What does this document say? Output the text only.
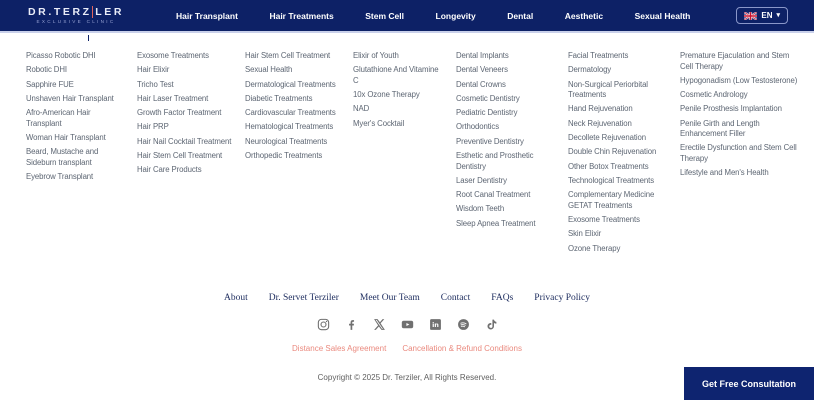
DR.TERZ LER
EXCLUSIVE CLINIC
Hair Transplant	Hair Treatments	Stem Cell	Longevity	Dental	Aesthetic	Sexual Health	EN ▾
Picasso Robotic DHI
Robotic DHI
Sapphire FUE
Unshaven Hair Transplant
Afro-American Hair Transplant
Woman Hair Transplant
Beard, Mustache and Sideburn transplant
Eyebrow Transplant
Exosome Treatments
Hair Elixir
Tricho Test
Hair Laser Treatment
Growth Factor Treatment
Hair PRP
Hair Nail Cocktail Treatment
Hair Stem Cell Treatment
Hair Care Products
Hair Stem Cell Treatment
Sexual Health
Dermatological Treatments
Diabetic Treatments
Cardiovascular Treatments
Hematological Treatments
Neurological Treatments
Orthopedic Treatments
Elixir of Youth
Glutathione And Vitamine C
10x Ozone Therapy
NAD
Myer's Cocktail
Dental Implants
Dental Veneers
Dental Crowns
Cosmetic Dentistry
Pediatric Dentistry
Orthodontics
Preventive Dentistry
Esthetic and Prosthetic Dentistry
Laser Dentistry
Root Canal Treatment
Wisdom Teeth
Sleep Apnea Treatment
Facial Treatments
Dermatology
Non-Surgical Periorbital Treatments
Hand Rejuvenation
Neck Rejuvenation
Decollete Rejuvenation
Double Chin Rejuvenation
Other Botox Treatments
Technological Treatments
Complementary Medicine GETAT Treatments
Exosome Treatments
Skin Elixir
Ozone Therapy
Premature Ejaculation and Stem Cell Therapy
Hypogonadism (Low Testosterone)
Cosmetic Andrology
Penile Prosthesis Implantation
Penile Girth and Length Enhancement Filler
Erectile Dysfunction and Stem Cell Therapy
Lifestyle and Men's Health
About Dr. Servet Terziler Meet Our Team Contact FAQs Privacy Policy
in
Distance Sales Agreement Cancellation & Refund Conditions
Copyright © 2025 Dr. Terziler, All Rights Reserved.
Get Free Consultation
